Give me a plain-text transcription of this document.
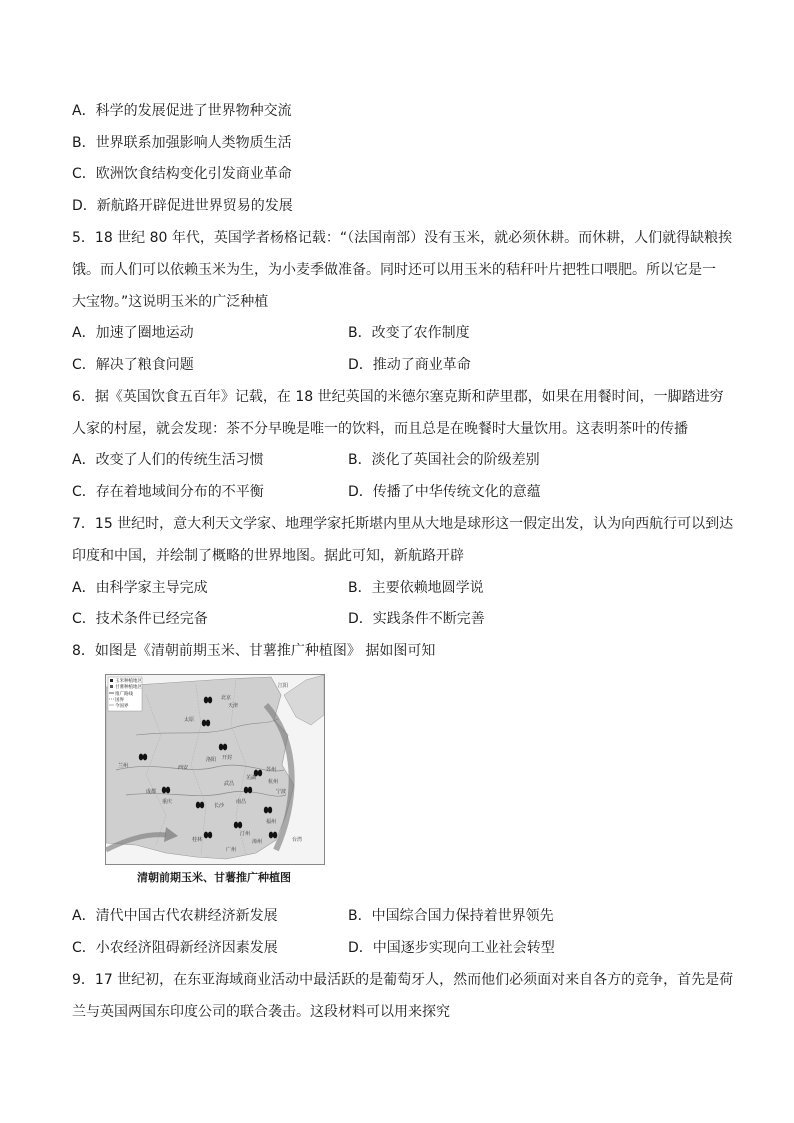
A．科学的发展促进了世界物种交流
B．世界联系加强影响人类物质生活
C．欧洲饮食结构变化引发商业革命
D．新航路开辟促进世界贸易的发展
5．18 世纪 80 年代，英国学者杨格记载：“（法国南部）没有玉米，就必须休耕。而休耕，人们就得缺粮挨
饿。而人们可以依赖玉米为生，为小麦季做准备。同时还可以用玉米的秸秆叶片把牲口喂肥。所以它是一
大宝物。”这说明玉米的广泛种植
A．加速了圈地运动	B．改变了农作制度
C．解决了粮食问题	D．推动了商业革命
6．据《英国饮食五百年》记载，在 18 世纪英国的米德尔塞克斯和萨里郡，如果在用餐时间，一脚踏进穷
人家的村屋，就会发现：茶不分早晚是唯一的饮料，而且总是在晚餐时大量饮用。这表明茶叶的传播
A．改变了人们的传统生活习惯	B．淡化了英国社会的阶级差别
C．存在着地域间分布的不平衡	D．传播了中华传统文化的意蕴
7．15 世纪时，意大利天文学家、地理学家托斯堪内里从大地是球形这一假定出发，认为向西航行可以到达
印度和中国，并绘制了概略的世界地图。据此可知，新航路开辟
A．由科学家主导完成	B．主要依赖地圆学说
C．技术条件已经完备	D．实践条件不断完善
8．如图是《清朝前期玉米、甘薯推广种植图》 据如图可知
玉米种植地区
甘薯种植地区
推广路线
国界
今国界
江阳
北京
天津
太原
兰州	西安
洛阳 开封
成都
重庆
长沙
南昌
杭州
宁波
福州
台湾
桂林
广州
漳州
汀州
苏州
芜湖
武昌
清朝前期玉米、甘薯推广种植图
A．清代中国古代农耕经济新发展	B．中国综合国力保持着世界领先
C．小农经济阻碍新经济因素发展	D．中国逐步实现向工业社会转型
9．17 世纪初，在东亚海域商业活动中最活跃的是葡萄牙人，然而他们必须面对来自各方的竞争，首先是荷
兰与英国两国东印度公司的联合袭击。这段材料可以用来探究
